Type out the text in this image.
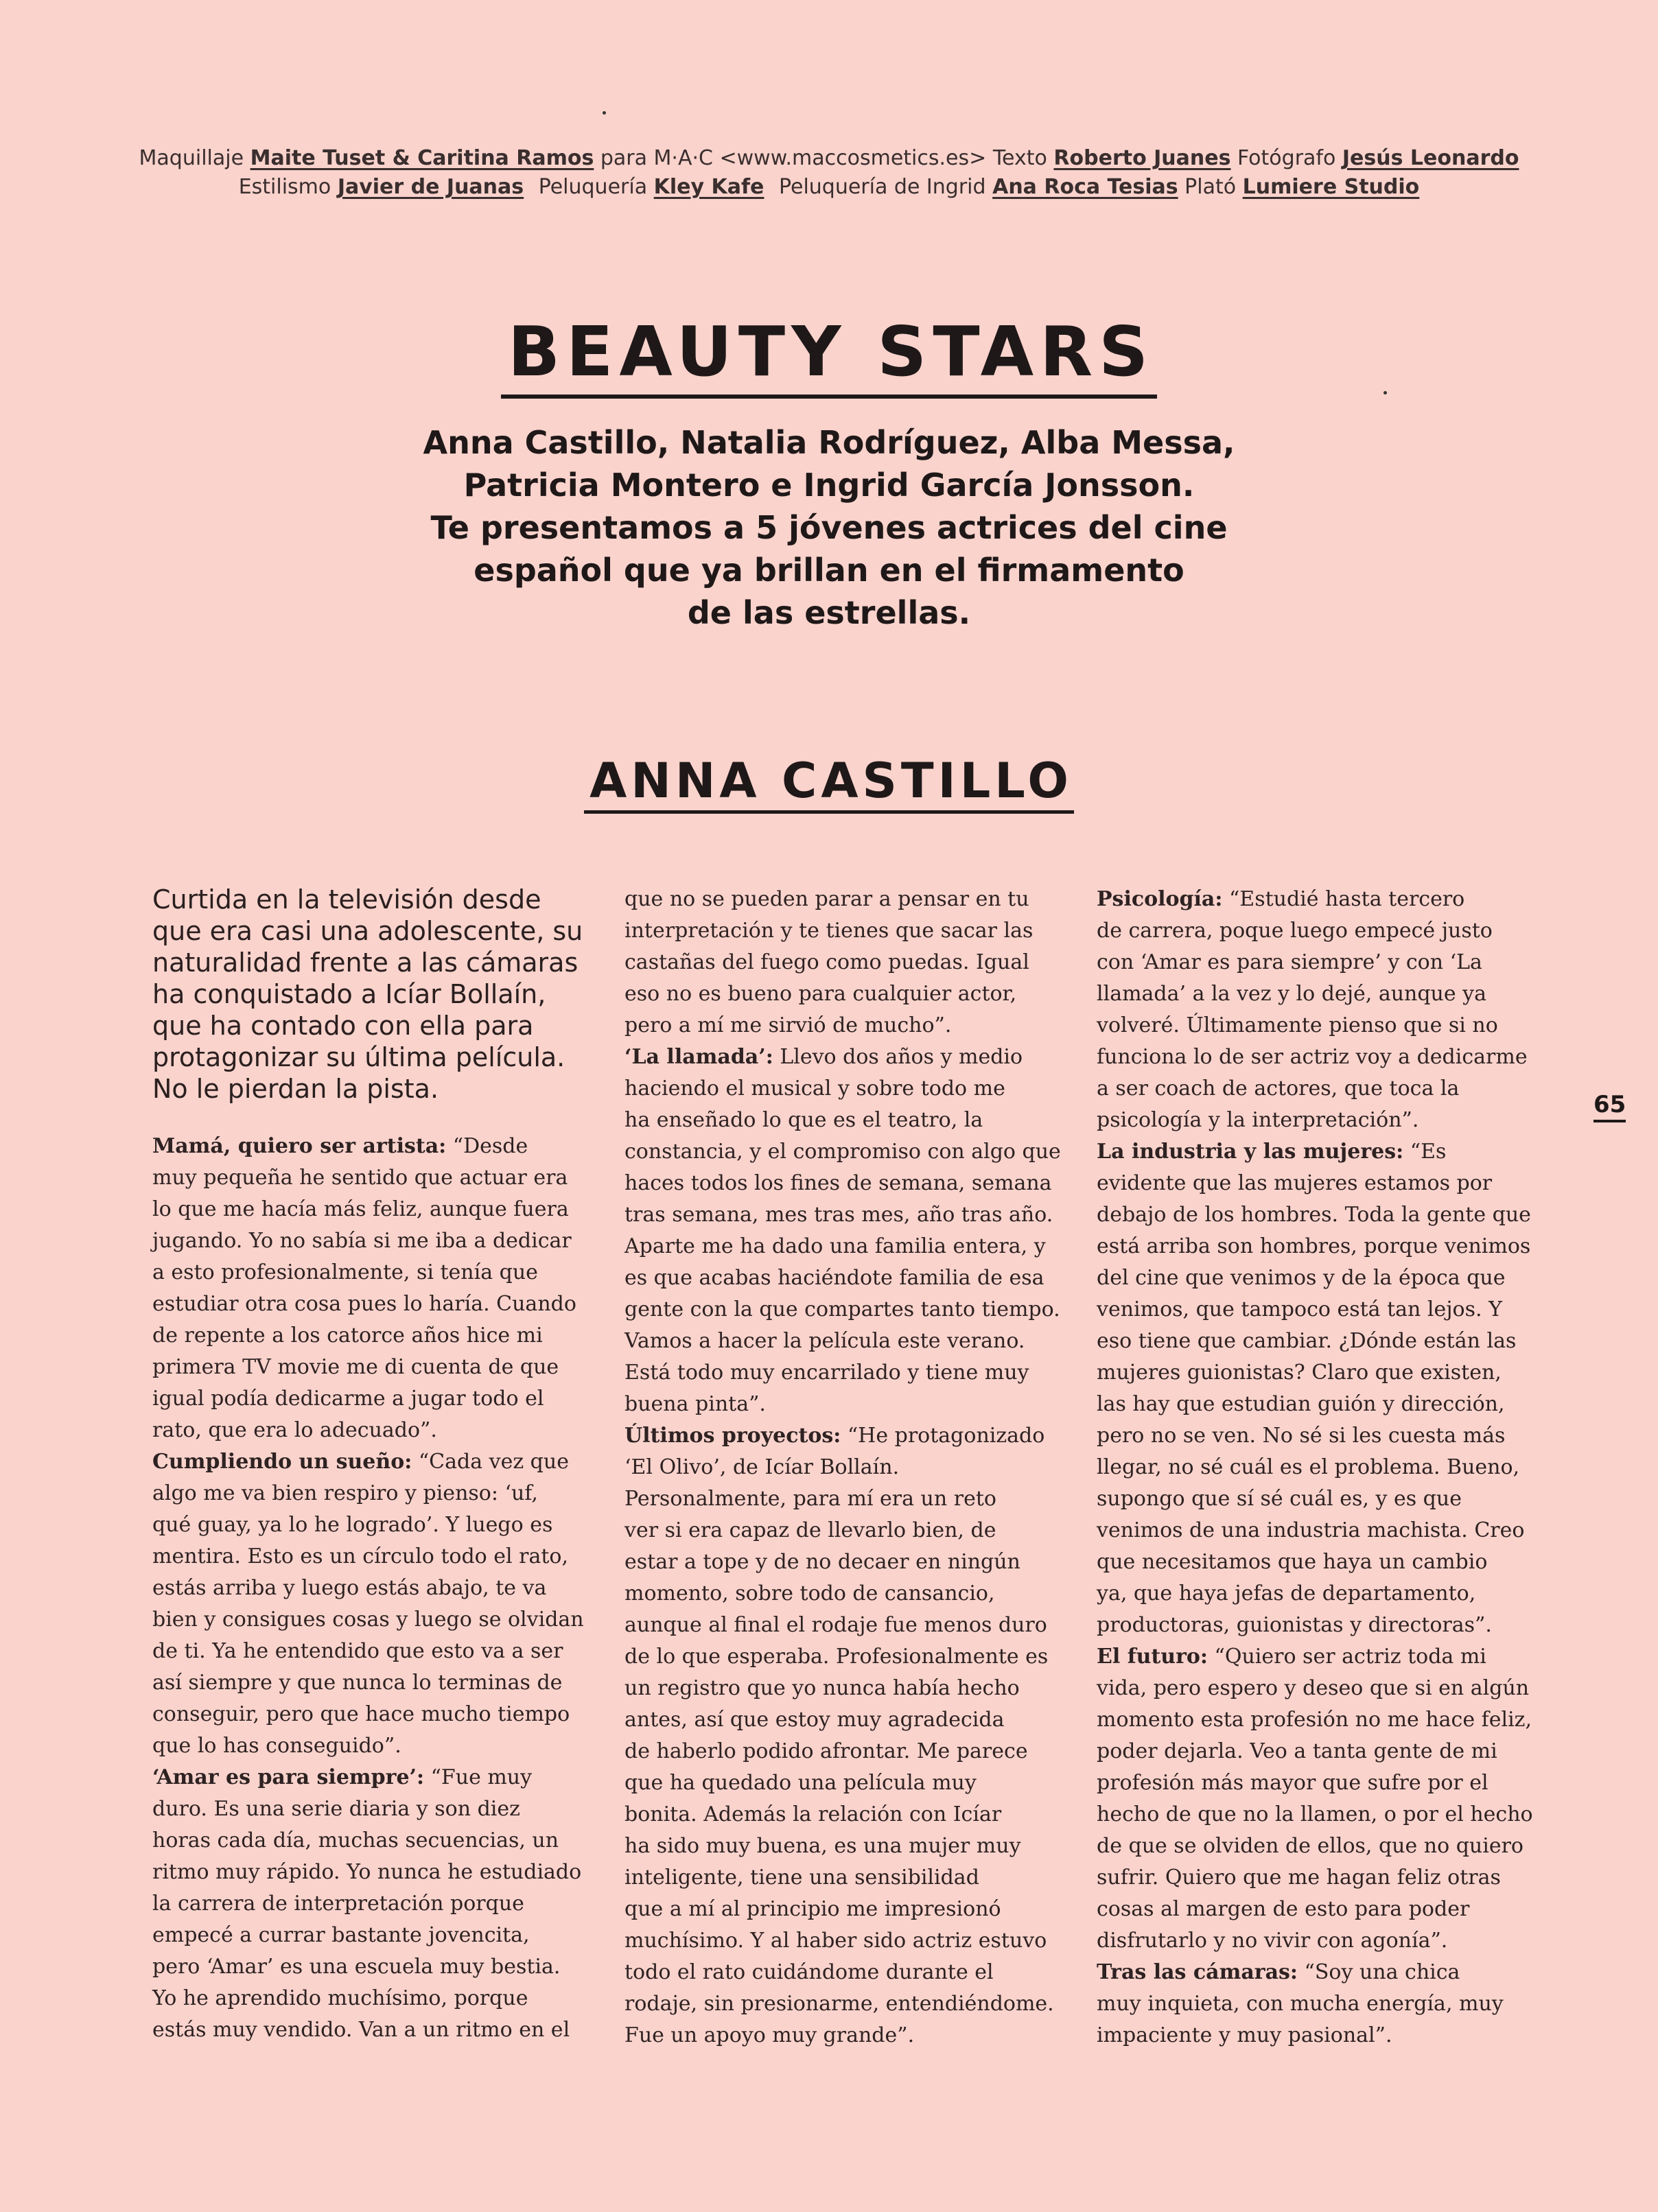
Maquillaje Maite Tuset & Caritina Ramos para M·A·C <www.maccosmetics.es> Texto Roberto Juanes Fotógrafo Jesús Leonardo
Estilismo Javier de Juanas Peluquería Kley Kafe Peluquería de Ingrid Ana Roca Tesias Plató Lumiere Studio
BEAUTY STARS
Anna Castillo, Natalia Rodríguez, Alba Messa,
Patricia Montero e Ingrid García Jonsson.
Te presentamos a 5 jóvenes actrices del cine
español que ya brillan en el firmamento
de las estrellas.
ANNA CASTILLO
Curtida en la televisión desde
que era casi una adolescente, su
naturalidad frente a las cámaras
ha conquistado a Icíar Bollaín,
que ha contado con ella para
protagonizar su última película.
No le pierdan la pista.
Mamá, quiero ser artista: “Desde
muy pequeña he sentido que actuar era
lo que me hacía más feliz, aunque fuera
jugando. Yo no sabía si me iba a dedicar
a esto profesionalmente, si tenía que
estudiar otra cosa pues lo haría. Cuando
de repente a los catorce años hice mi
primera TV movie me di cuenta de que
igual podía dedicarme a jugar todo el
rato, que era lo adecuado”.
Cumpliendo un sueño: “Cada vez que
algo me va bien respiro y pienso: ‘uf,
qué guay, ya lo he logrado’. Y luego es
mentira. Esto es un círculo todo el rato,
estás arriba y luego estás abajo, te va
bien y consigues cosas y luego se olvidan
de ti. Ya he entendido que esto va a ser
así siempre y que nunca lo terminas de
conseguir, pero que hace mucho tiempo
que lo has conseguido”.
‘Amar es para siempre’: “Fue muy
duro. Es una serie diaria y son diez
horas cada día, muchas secuencias, un
ritmo muy rápido. Yo nunca he estudiado
la carrera de interpretación porque
empecé a currar bastante jovencita,
pero ‘Amar’ es una escuela muy bestia.
Yo he aprendido muchísimo, porque
estás muy vendido. Van a un ritmo en el
que no se pueden parar a pensar en tu
interpretación y te tienes que sacar las
castañas del fuego como puedas. Igual
eso no es bueno para cualquier actor,
pero a mí me sirvió de mucho”.
‘La llamada’: Llevo dos años y medio
haciendo el musical y sobre todo me
ha enseñado lo que es el teatro, la
constancia, y el compromiso con algo que
haces todos los fines de semana, semana
tras semana, mes tras mes, año tras año.
Aparte me ha dado una familia entera, y
es que acabas haciéndote familia de esa
gente con la que compartes tanto tiempo.
Vamos a hacer la película este verano.
Está todo muy encarrilado y tiene muy
buena pinta”.
Últimos proyectos: “He protagonizado
‘El Olivo’, de Icíar Bollaín.
Personalmente, para mí era un reto
ver si era capaz de llevarlo bien, de
estar a tope y de no decaer en ningún
momento, sobre todo de cansancio,
aunque al final el rodaje fue menos duro
de lo que esperaba. Profesionalmente es
un registro que yo nunca había hecho
antes, así que estoy muy agradecida
de haberlo podido afrontar. Me parece
que ha quedado una película muy
bonita. Además la relación con Icíar
ha sido muy buena, es una mujer muy
inteligente, tiene una sensibilidad
que a mí al principio me impresionó
muchísimo. Y al haber sido actriz estuvo
todo el rato cuidándome durante el
rodaje, sin presionarme, entendiéndome.
Fue un apoyo muy grande”.
Psicología: “Estudié hasta tercero
de carrera, poque luego empecé justo
con ‘Amar es para siempre’ y con ‘La
llamada’ a la vez y lo dejé, aunque ya
volveré. Últimamente pienso que si no
funciona lo de ser actriz voy a dedicarme
a ser coach de actores, que toca la
psicología y la interpretación”.
La industria y las mujeres: “Es
evidente que las mujeres estamos por
debajo de los hombres. Toda la gente que
está arriba son hombres, porque venimos
del cine que venimos y de la época que
venimos, que tampoco está tan lejos. Y
eso tiene que cambiar. ¿Dónde están las
mujeres guionistas? Claro que existen,
las hay que estudian guión y dirección,
pero no se ven. No sé si les cuesta más
llegar, no sé cuál es el problema. Bueno,
supongo que sí sé cuál es, y es que
venimos de una industria machista. Creo
que necesitamos que haya un cambio
ya, que haya jefas de departamento,
productoras, guionistas y directoras”.
El futuro: “Quiero ser actriz toda mi
vida, pero espero y deseo que si en algún
momento esta profesión no me hace feliz,
poder dejarla. Veo a tanta gente de mi
profesión más mayor que sufre por el
hecho de que no la llamen, o por el hecho
de que se olviden de ellos, que no quiero
sufrir. Quiero que me hagan feliz otras
cosas al margen de esto para poder
disfrutarlo y no vivir con agonía”.
Tras las cámaras: “Soy una chica
muy inquieta, con mucha energía, muy
impaciente y muy pasional”.
65
